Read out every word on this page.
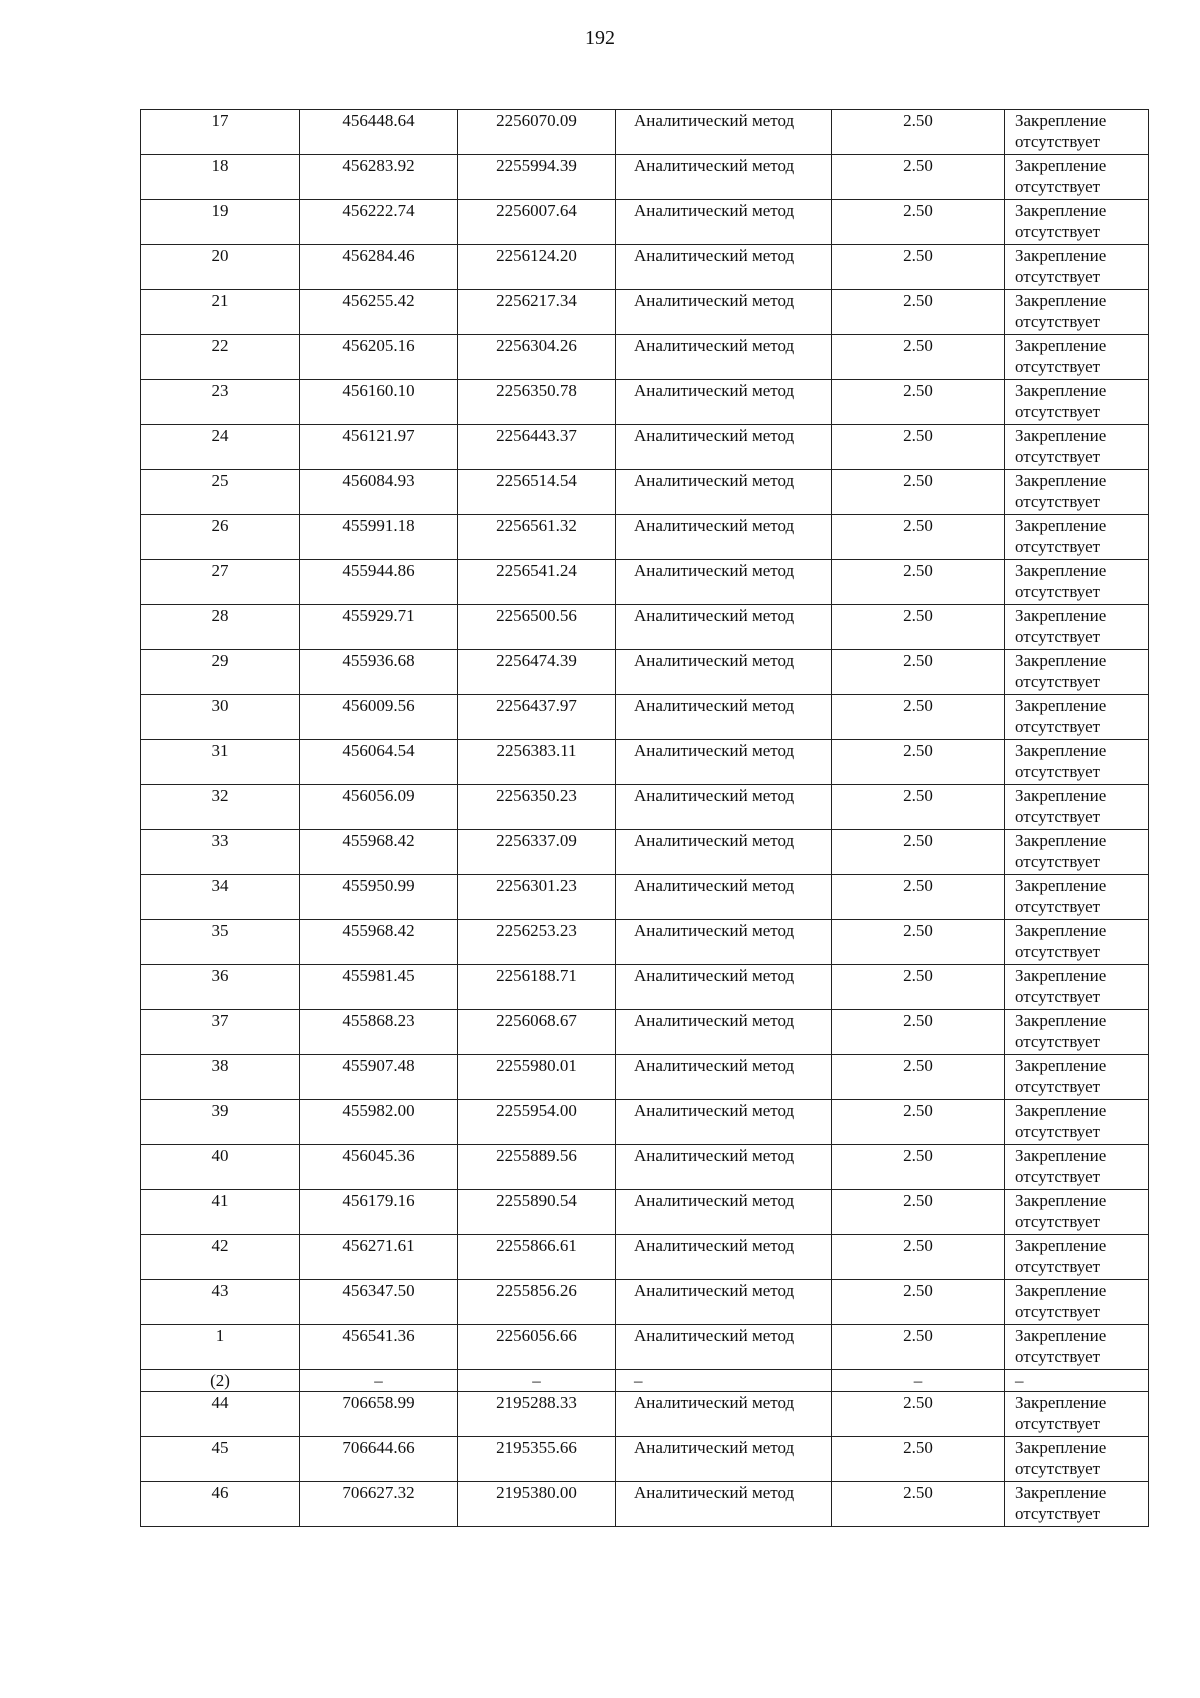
192
17	456448.64	2256070.09	Аналитический метод	2.50	Закрепление отсутствует
18	456283.92	2255994.39	Аналитический метод	2.50	Закрепление отсутствует
19	456222.74	2256007.64	Аналитический метод	2.50	Закрепление отсутствует
20	456284.46	2256124.20	Аналитический метод	2.50	Закрепление отсутствует
21	456255.42	2256217.34	Аналитический метод	2.50	Закрепление отсутствует
22	456205.16	2256304.26	Аналитический метод	2.50	Закрепление отсутствует
23	456160.10	2256350.78	Аналитический метод	2.50	Закрепление отсутствует
24	456121.97	2256443.37	Аналитический метод	2.50	Закрепление отсутствует
25	456084.93	2256514.54	Аналитический метод	2.50	Закрепление отсутствует
26	455991.18	2256561.32	Аналитический метод	2.50	Закрепление отсутствует
27	455944.86	2256541.24	Аналитический метод	2.50	Закрепление отсутствует
28	455929.71	2256500.56	Аналитический метод	2.50	Закрепление отсутствует
29	455936.68	2256474.39	Аналитический метод	2.50	Закрепление отсутствует
30	456009.56	2256437.97	Аналитический метод	2.50	Закрепление отсутствует
31	456064.54	2256383.11	Аналитический метод	2.50	Закрепление отсутствует
32	456056.09	2256350.23	Аналитический метод	2.50	Закрепление отсутствует
33	455968.42	2256337.09	Аналитический метод	2.50	Закрепление отсутствует
34	455950.99	2256301.23	Аналитический метод	2.50	Закрепление отсутствует
35	455968.42	2256253.23	Аналитический метод	2.50	Закрепление отсутствует
36	455981.45	2256188.71	Аналитический метод	2.50	Закрепление отсутствует
37	455868.23	2256068.67	Аналитический метод	2.50	Закрепление отсутствует
38	455907.48	2255980.01	Аналитический метод	2.50	Закрепление отсутствует
39	455982.00	2255954.00	Аналитический метод	2.50	Закрепление отсутствует
40	456045.36	2255889.56	Аналитический метод	2.50	Закрепление отсутствует
41	456179.16	2255890.54	Аналитический метод	2.50	Закрепление отсутствует
42	456271.61	2255866.61	Аналитический метод	2.50	Закрепление отсутствует
43	456347.50	2255856.26	Аналитический метод	2.50	Закрепление отсутствует
1	456541.36	2256056.66	Аналитический метод	2.50	Закрепление отсутствует
(2)	–	–	–	–	–
44	706658.99	2195288.33	Аналитический метод	2.50	Закрепление отсутствует
45	706644.66	2195355.66	Аналитический метод	2.50	Закрепление отсутствует
46	706627.32	2195380.00	Аналитический метод	2.50	Закрепление отсутствует
